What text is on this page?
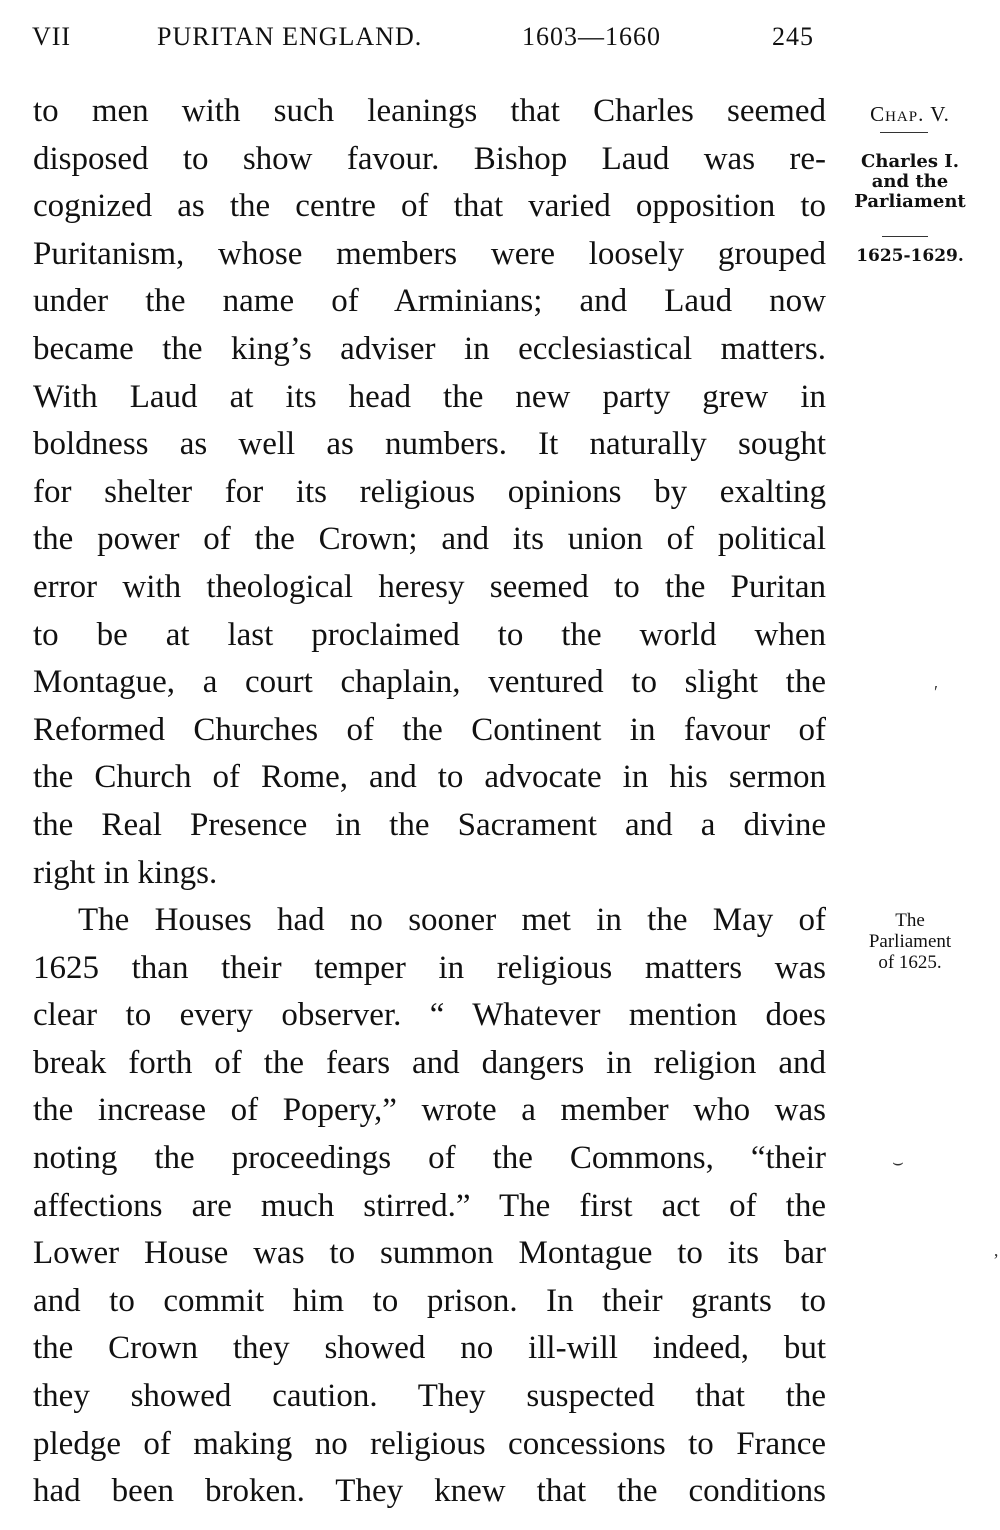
VII	PURITAN ENGLAND.	1603—1660	245
to men with such leanings that Charles seemed
disposed to show favour. Bishop Laud was re-
cognized as the centre of that varied opposition to
Puritanism, whose members were loosely grouped
under the name of Arminians; and Laud now
became the king’s adviser in ecclesiastical matters.
With Laud at its head the new party grew in
boldness as well as numbers. It naturally sought
for shelter for its religious opinions by exalting
the power of the Crown; and its union of political
error with theological heresy seemed to the Puritan
to be at last proclaimed to the world when
Montague, a court chaplain, ventured to slight the
Reformed Churches of the Continent in favour of
the Church of Rome, and to advocate in his sermon
the Real Presence in the Sacrament and a divine
right in kings.
The Houses had no sooner met in the May of
1625 than their temper in religious matters was
clear to every observer. “ Whatever mention does
break forth of the fears and dangers in religion and
the increase of Popery,” wrote a member who was
noting the proceedings of the Commons, “their
affections are much stirred.” The first act of the
Lower House was to summon Montague to its bar
and to commit him to prison. In their grants to
the Crown they showed no ill-will indeed, but
they showed caution. They suspected that the
pledge of making no religious concessions to France
had been broken. They knew that the conditions
Chap. V.
Charles I.
and the
Parliament
1625-1629.
The
Parliament
of 1625.
′
⌣
ʼ
